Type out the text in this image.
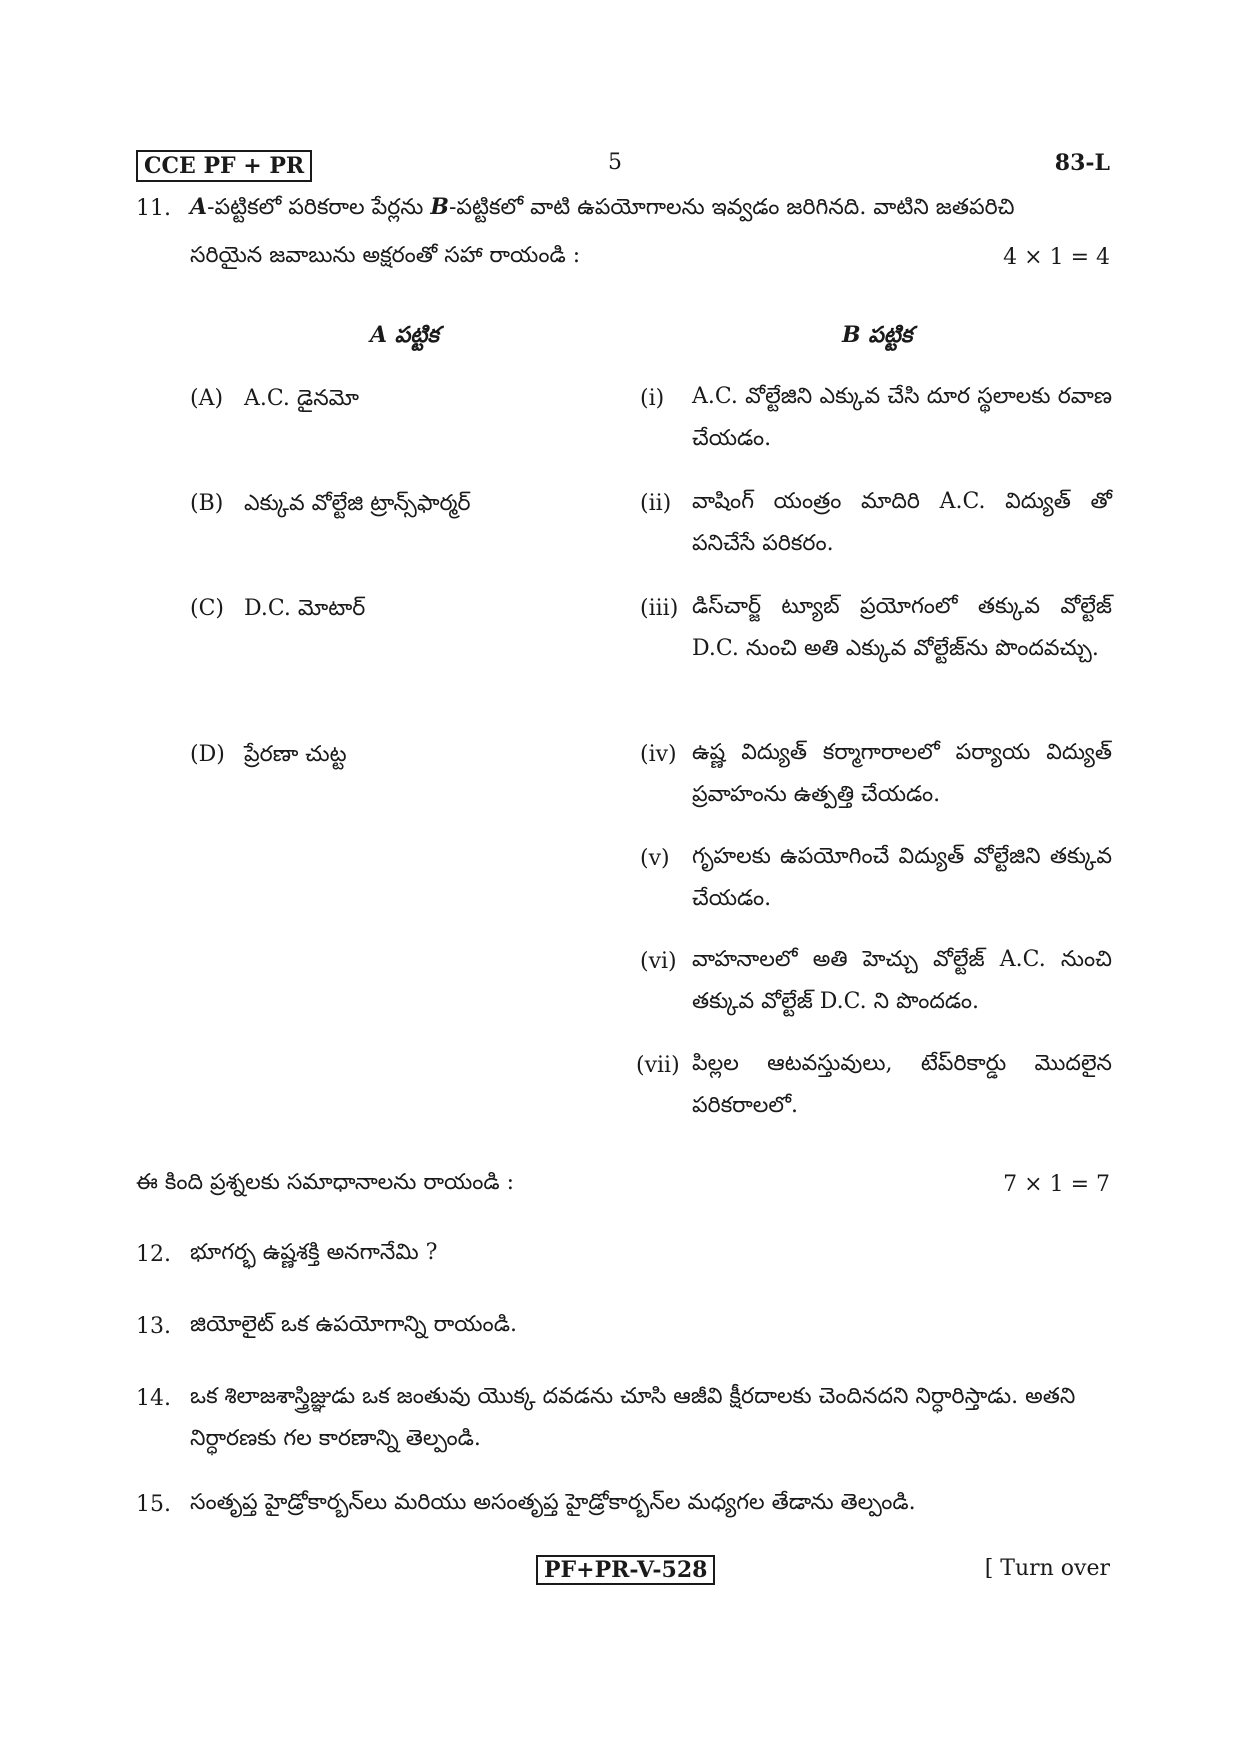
CCE PF + PR	5	83-L
11. A-పట్టికలో పరికరాల పేర్లను B-పట్టికలో వాటి ఉపయోగాలను ఇవ్వడం జరిగినది. వాటిని జతపరిచి
సరియైన జవాబును అక్షరంతో సహా రాయండి :	4 × 1 = 4
A పట్టిక	B పట్టిక
(A) A.C. డైనమో
(B) ఎక్కువ వోల్టేజి ట్రాన్స్‌ఫార్మర్
(C) D.C. మోటార్
(D) ప్రేరణా చుట్ట
(i) A.C. వోల్టేజిని ఎక్కువ చేసి దూర స్థలాలకు రవాణ చేయడం.
(ii) వాషింగ్ యంత్రం మాదిరి A.C. విద్యుత్ తో పనిచేసే పరికరం.
(iii) డిస్‌చార్జ్ ట్యూబ్ ప్రయోగంలో తక్కువ వోల్టేజ్ D.C. నుంచి అతి ఎక్కువ వోల్టేజ్‌ను పొందవచ్చు.
(iv) ఉష్ణ విద్యుత్ కర్మాగారాలలో పర్యాయ విద్యుత్ ప్రవాహంను ఉత్పత్తి చేయడం.
(v) గృహలకు ఉపయోగించే విద్యుత్ వోల్టేజిని తక్కువ చేయడం.
(vi) వాహనాలలో అతి హెచ్చు వోల్టేజ్ A.C. నుంచి తక్కువ వోల్టేజ్ D.C. ని పొందడం.
(vii) పిల్లల ఆటవస్తువులు, టేప్‌రికార్డు మొదలైన పరికరాలలో.
ఈ కింది ప్రశ్నలకు సమాధానాలను రాయండి :	7 × 1 = 7
12. భూగర్భ ఉష్ణశక్తి అనగానేమి ?
13. జియోలైట్ ఒక ఉపయోగాన్ని రాయండి.
14. ఒక శిలాజశాస్త్రిజ్ఞుడు ఒక జంతువు యొక్క దవడను చూసి ఆజీవి క్షీరదాలకు చెందినదని నిర్ధారిస్తాడు. అతని నిర్ధారణకు గల కారణాన్ని తెల్పండి.
15. సంతృప్త హైడ్రోకార్బన్‌లు మరియు అసంతృప్త హైడ్రోకార్బన్‌ల మధ్యగల తేడాను తెల్పండి.
PF+PR-V-528	[ Turn over
